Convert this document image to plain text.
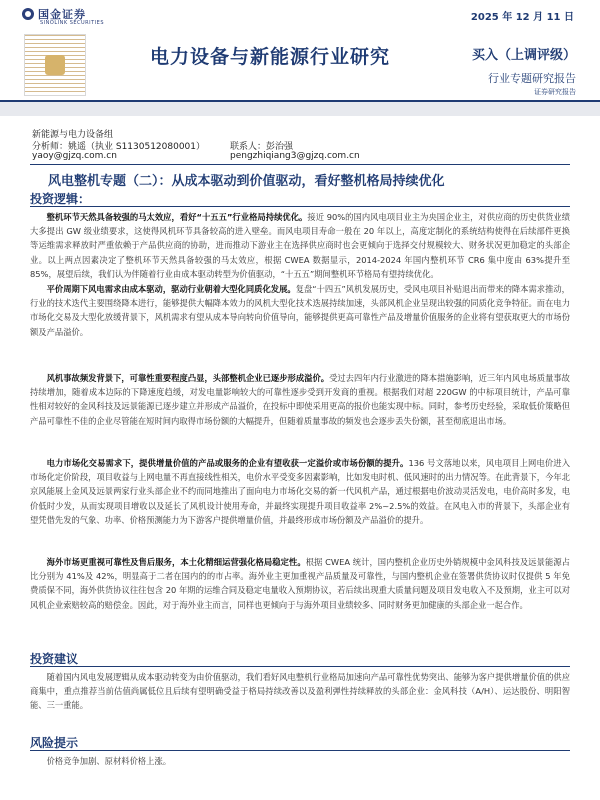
国金证券
SINOLINK SECURITIES	2025 年 12 月 11 日
电力设备与新能源行业研究	买入（上调评级）
行业专题研究报告
证券研究报告
新能源与电力设备组
分析师：姚遥（执业 S1130512080001）	联系人：彭治强
yaoy@gjzq.com.cn	pengzhiqiang3@gjzq.com.cn
风电整机专题（二）：从成本驱动到价值驱动，看好整机格局持续优化
投资逻辑：
整机环节天然具备较强的马太效应，看好“十五五”行业格局持续优化。接近 90%的国内风电项目业主为央国企业主，对供应商的历史供货业绩大多提出 GW 级业绩要求，这使得风机环节具备较高的进入壁垒。而风电项目寿命一般在 20 年以上，高度定制化的系统结构使得在后续部件更换等运维需求释放时严重依赖于产品供应商的协助，进而推动下游业主在选择供应商时也会更倾向于选择交付规模较大、财务状况更加稳定的头部企业。以上两点因素决定了整机环节天然具备较强的马太效应，根据 CWEA 数据显示，2014-2024 年国内整机环节 CR6 集中度由 63%提升至 85%，展望后续，我们认为伴随着行业由成本驱动转型为价值驱动，“十五五”期间整机环节格局有望持续优化。
平价周期下风电需求由成本驱动，驱动行业朝着大型化同质化发展。复盘“十四五”风机发展历史，受风电项目补贴退出而带来的降本需求推动，行业的技术迭代主要围绕降本进行，能够提供大幅降本效力的风机大型化技术迭展持续加速，头部风机企业呈现出较强的同质化竞争特征。而在电力市场化交易及大型化放缓背景下，风机需求有望从成本导向转向价值导向，能够提供更高可靠性产品及增量价值服务的企业将有望获取更大的市场份额及产品溢价。
风机事故频发背景下，可靠性重要程度凸显，头部整机企业已逐步形成溢价。受过去四年内行业激进的降本措施影响，近三年内风电场质量事故持续增加，随着成本边际的下降速度趋缓，对发电量影响较大的可靠性逐步受到开发商的重视。根据我们对超 220GW 的中标项目统计，产品可靠性相对较好的金风科技及远景能源已逐步建立并形成产品溢价，在投标中即使采用更高的报价也能实现中标。同时，参考历史经验，采取低价策略但产品可靠性不佳的企业尽管能在短时间内取得市场份额的大幅提升，但随着质量事故的频发也会逐步丢失份额，甚至彻底退出市场。
电力市场化交易需求下，提供增量价值的产品或服务的企业有望收获一定溢价或市场份额的提升。136 号文落地以来，风电项目上网电价进入市场化定价阶段，项目收益与上网电量不再直接线性相关，电价水平受变多因素影响，比如发电时机、低风速时的出力情况等。在此背景下，今年北京风能展上金风及远景两家行业头部企业不约而同地推出了面向电力市场化交易的新一代风机产品，通过根据电价波动灵活发电，电价高时多发，电价低时少发，从而实现项目增收以及延长了风机设计使用寿命，并最终实现提升项目收益率 2%~2.5%的效益。在风电入市的背景下，头部企业有望凭借先发的气象、功率、价格预测能力为下游客户提供增量价值，并最终形成市场份额及产品溢价的提升。
海外市场更重视可靠性及售后服务，本土化精细运营强化格局稳定性。根据 CWEA 统计，国内整机企业历史外销规模中金风科技及远景能源占比分别为 41%及 42%，明显高于二者在国内的的市占率。海外业主更加重视产品质量及可靠性，与国内整机企业在签署供货协议时仅提供 5 年免费质保不同，海外供货协议往往包含 20 年期的运维合同及稳定电量收入预期协议，若后续出现重大质量问题及项目发电收入不及预期，业主可以对风机企业索赔较高的赔偿金。因此，对于海外业主而言，同样也更倾向于与海外项目业绩较多、同时财务更加健康的头部企业一起合作。
投资建议
随着国内风电发展逻辑从成本驱动转变为由价值驱动，我们看好风电整机行业格局加速向产品可靠性优势突出、能够为客户提供增量价值的供应商集中，重点推荐当前估值尚属低位且后续有望明确受益于格局持续改善以及盈利弹性持续释放的头部企业：金风科技（A/H）、运达股份、明阳智能、三一重能。
风险提示
价格竞争加剧、原材料价格上涨。
